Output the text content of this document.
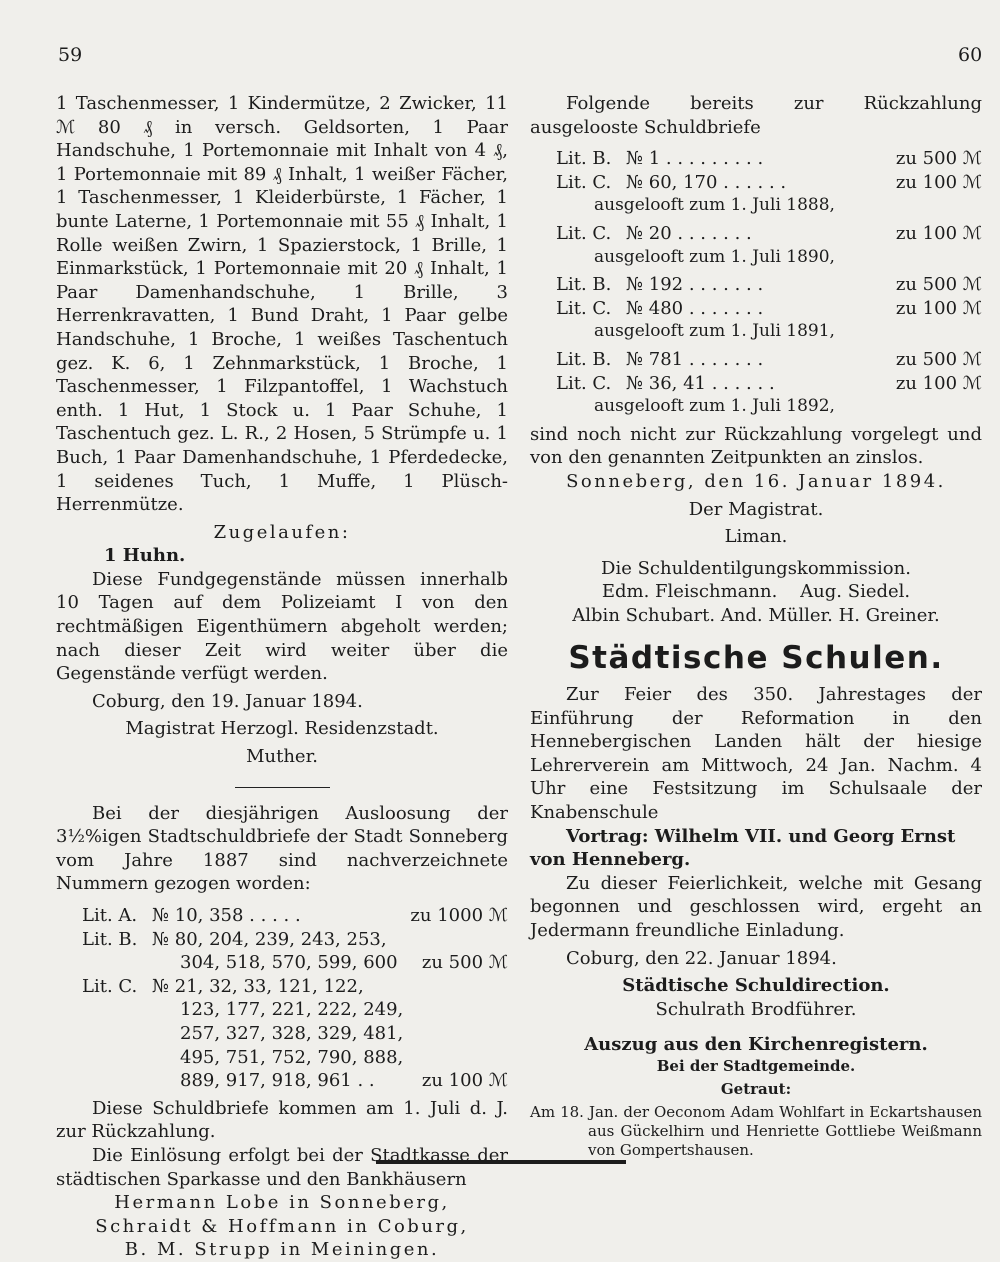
59	60

1 Taschenmesser, 1 Kindermütze, 2 Zwicker, 11 ℳ 80 ₰ in versch. Geldsorten, 1 Paar Handschuhe, 1 Portemonnaie mit Inhalt von 4 ₰, 1 Portemonnaie mit 89 ₰ Inhalt, 1 weißer Fächer, 1 Taschenmesser, 1 Kleiderbürste, 1 Fächer, 1 bunte Laterne, 1 Portemonnaie mit 55 ₰ Inhalt, 1 Rolle weißen Zwirn, 1 Spazierstock, 1 Brille, 1 Einmarkstück, 1 Portemonnaie mit 20 ₰ Inhalt, 1 Paar Damenhandschuhe, 1 Brille, 3 Herrenkravatten, 1 Bund Draht, 1 Paar gelbe Handschuhe, 1 Broche, 1 weißes Taschentuch gez. K. 6, 1 Zehnmarkstück, 1 Broche, 1 Taschenmesser, 1 Filzpantoffel, 1 Wachstuch enth. 1 Hut, 1 Stock u. 1 Paar Schuhe, 1 Taschentuch gez. L. R., 2 Hosen, 5 Strümpfe u. 1 Buch, 1 Paar Damenhandschuhe, 1 Pferdedecke, 1 seidenes Tuch, 1 Muffe, 1 Plüsch-Herrenmütze.

Zugelaufen:

1 Huhn.

Diese Fundgegenstände müssen innerhalb 10 Tagen auf dem Polizeiamt I von den rechtmäßigen Eigenthümern abgeholt werden; nach dieser Zeit wird weiter über die Gegenstände verfügt werden.

Coburg, den 19. Januar 1894.

Magistrat Herzogl. Residenzstadt.

Muther.

Bei der diesjährigen Ausloosung der 3½%igen Stadtschuldbriefe der Stadt Sonneberg vom Jahre 1887 sind nachverzeichnete Nummern gezogen worden:

Lit. A.	№ 10, 358 . . . . .	zu 1000 ℳ
Lit. B.	№ 80, 204, 239, 243, 253,	
	304, 518, 570, 599, 600	zu 500 ℳ
Lit. C.	№ 21, 32, 33, 121, 122,	
	123, 177, 221, 222, 249,	
	257, 327, 328, 329, 481,	
	495, 751, 752, 790, 888,	
	889, 917, 918, 961 . .	zu 100 ℳ

Diese Schuldbriefe kommen am 1. Juli d. J. zur Rückzahlung.

Die Einlösung erfolgt bei der Stadtkasse der städtischen Sparkasse und den Bankhäusern

Hermann Lobe in Sonneberg,

Schraidt & Hoffmann in Coburg,

B. M. Strupp in Meiningen.

Folgende bereits zur Rückzahlung ausgelooste Schuldbriefe

Lit. B.	№ 1 . . . . . . . . .	zu 500 ℳ
Lit. C.	№ 60, 170 . . . . . .	zu 100 ℳ
ausgelooft zum 1. Juli 1888,		
Lit. C.	№ 20 . . . . . . .	zu 100 ℳ
ausgelooft zum 1. Juli 1890,		
Lit. B.	№ 192 . . . . . . .	zu 500 ℳ
Lit. C.	№ 480 . . . . . . .	zu 100 ℳ
ausgelooft zum 1. Juli 1891,		
Lit. B.	№ 781 . . . . . . .	zu 500 ℳ
Lit. C.	№ 36, 41 . . . . . .	zu 100 ℳ
ausgelooft zum 1. Juli 1892,		

sind noch nicht zur Rückzahlung vorgelegt und von den genannten Zeitpunkten an zinslos.

Sonneberg, den 16. Januar 1894.

Der Magistrat.

Liman.

Die Schuldentilgungskommission.

Edm. Fleischmann.    Aug. Siedel.

Albin Schubart. And. Müller. H. Greiner.

Städtische Schulen.

Zur Feier des 350. Jahrestages der Einführung der Reformation in den Hennebergischen Landen hält der hiesige Lehrerverein am Mittwoch, 24 Jan. Nachm. 4 Uhr eine Festsitzung im Schulsaale der Knabenschule

Vortrag: Wilhelm VII. und Georg Ernst von Henneberg.

Zu dieser Feierlichkeit, welche mit Gesang begonnen und geschlossen wird, ergeht an Jedermann freundliche Einladung.

Coburg, den 22. Januar 1894.

Städtische Schuldirection.

Schulrath Brodführer.

Auszug aus den Kirchenregistern.

Bei der Stadtgemeinde.

Getraut:

Am 18. Jan. der Oeconom Adam Wohlfart in Eckartshausen aus Gückelhirn und Henriette Gottliebe Weißmann von Gompertshausen.
